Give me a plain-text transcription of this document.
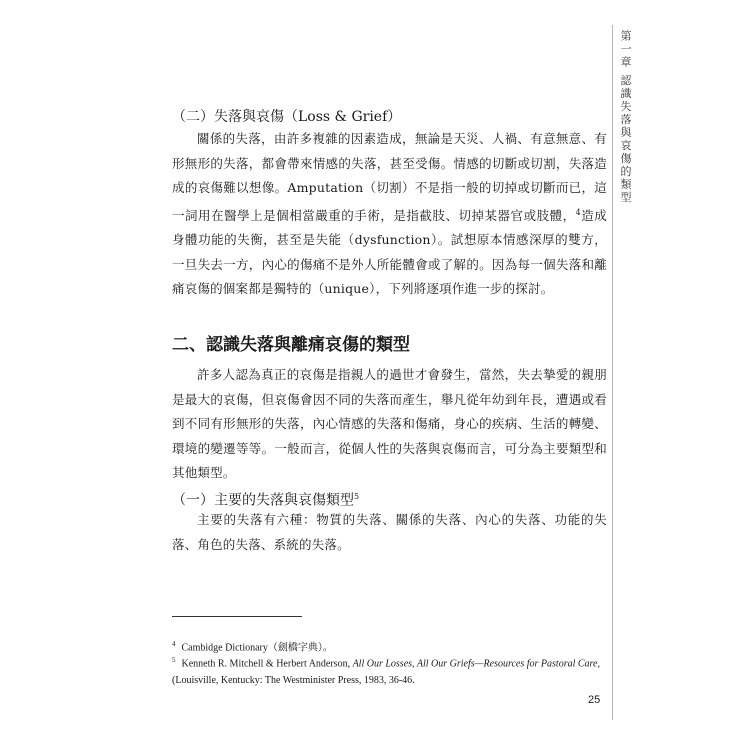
第一章 認識失落與哀傷的類型
（二）失落與哀傷（Loss & Grief）
關係的失落，由許多複雜的因素造成，無論是天災、人禍、有意無意、有形無形的失落，都會帶來情感的失落，甚至受傷。情感的切斷或切割，失落造成的哀傷難以想像。Amputation（切割）不是指一般的切掉或切斷而已，這一詞用在醫學上是個相當嚴重的手術，是指截肢、切掉某器官或肢體，$^4$造成身體功能的失衡，甚至是失能（dysfunction）。試想原本情感深厚的雙方，一旦失去一方，內心的傷痛不是外人所能體會或了解的。因為每一個失落和離痛哀傷的個案都是獨特的（unique），下列將逐項作進一步的探討。
二、認識失落與離痛哀傷的類型
許多人認為真正的哀傷是指親人的過世才會發生，當然，失去摯愛的親朋是最大的哀傷，但哀傷會因不同的失落而產生，舉凡從年幼到年長，遭遇或看到不同有形無形的失落，內心情感的失落和傷痛，身心的疾病、生活的轉變、環境的變遷等等。一般而言，從個人性的失落與哀傷而言，可分為主要類型和其他類型。
（一）主要的失落與哀傷類型$^5$
主要的失落有六種：物質的失落、關係的失落、內心的失落、功能的失落、角色的失落、系統的失落。
$^4$ Cambidge Dictionary（劍橋字典）。
$^5$ Kenneth R. Mitchell & Herbert Anderson, All Our Losses, All Our Griefs—Resources for Pastoral Care, (Louisville, Kentucky: The Westminister Press, 1983, 36-46.
25
